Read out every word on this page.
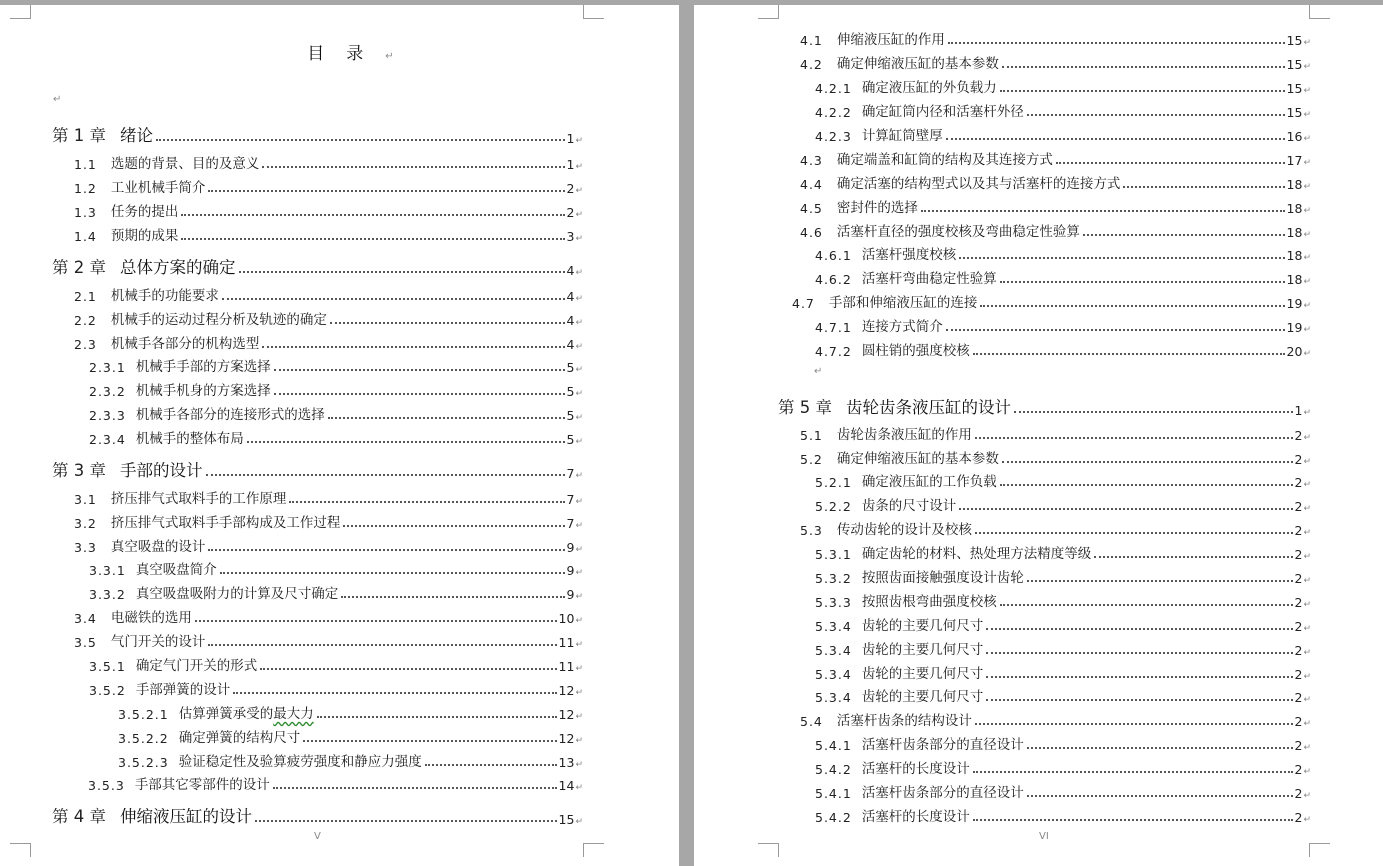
目录↵
↵
第 1 章 绪论	1 ↵
1.1 选题的背景、目的及意义	1 ↵
1.2 工业机械手简介	2 ↵
1.3 任务的提出	2 ↵
1.4 预期的成果	3 ↵
第 2 章 总体方案的确定	4 ↵
2.1 机械手的功能要求	4 ↵
2.2 机械手的运动过程分析及轨迹的确定	4 ↵
2.3 机械手各部分的机构选型	4 ↵
2.3.1 机械手手部的方案选择	5 ↵
2.3.2 机械手机身的方案选择	5 ↵
2.3.3 机械手各部分的连接形式的选择	5 ↵
2.3.4 机械手的整体布局	5 ↵
第 3 章 手部的设计	7 ↵
3.1 挤压排气式取料手的工作原理	7 ↵
3.2 挤压排气式取料手手部构成及工作过程	7 ↵
3.3 真空吸盘的设计	9 ↵
3.3.1 真空吸盘简介	9 ↵
3.3.2 真空吸盘吸附力的计算及尺寸确定	9 ↵
3.4 电磁铁的选用	10 ↵
3.5 气门开关的设计	11 ↵
3.5.1 确定气门开关的形式	11 ↵
3.5.2 手部弹簧的设计	12 ↵
3.5.2.1 估算弹簧承受的最大力	12 ↵
3.5.2.2 确定弹簧的结构尺寸	12 ↵
3.5.2.3 验证稳定性及验算疲劳强度和静应力强度	13 ↵
3.5.3 手部其它零部件的设计	14 ↵
第 4 章 伸缩液压缸的设计	15 ↵
V
↵
4.1 伸缩液压缸的作用	15 ↵
4.2 确定伸缩液压缸的基本参数	15 ↵
4.2.1 确定液压缸的外负载力	15 ↵
4.2.2 确定缸筒内径和活塞杆外径	15 ↵
4.2.3 计算缸筒壁厚	16 ↵
4.3 确定端盖和缸筒的结构及其连接方式	17 ↵
4.4 确定活塞的结构型式以及其与活塞杆的连接方式	18 ↵
4.5 密封件的选择	18 ↵
4.6 活塞杆直径的强度校核及弯曲稳定性验算	18 ↵
4.6.1 活塞杆强度校核	18 ↵
4.6.2 活塞杆弯曲稳定性验算	18 ↵
4.7 手部和伸缩液压缸的连接	19 ↵
4.7.1 连接方式简介	19 ↵
4.7.2 圆柱销的强度校核	20 ↵
第 5 章 齿轮齿条液压缸的设计	1 ↵
5.1 齿轮齿条液压缸的作用	2 ↵
5.2 确定伸缩液压缸的基本参数	2 ↵
5.2.1 确定液压缸的工作负载	2 ↵
5.2.2 齿条的尺寸设计	2 ↵
5.3 传动齿轮的设计及校核	2 ↵
5.3.1 确定齿轮的材料、热处理方法精度等级	2 ↵
5.3.2 按照齿面接触强度设计齿轮	2 ↵
5.3.3 按照齿根弯曲强度校核	2 ↵
5.3.4 齿轮的主要几何尺寸	2 ↵
5.3.4 齿轮的主要几何尺寸	2 ↵
5.3.4 齿轮的主要几何尺寸	2 ↵
5.3.4 齿轮的主要几何尺寸	2 ↵
5.4 活塞杆齿条的结构设计	2 ↵
5.4.1 活塞杆齿条部分的直径设计	2 ↵
5.4.2 活塞杆的长度设计	2 ↵
5.4.1 活塞杆齿条部分的直径设计	2 ↵
5.4.2 活塞杆的长度设计	2 ↵
VI
